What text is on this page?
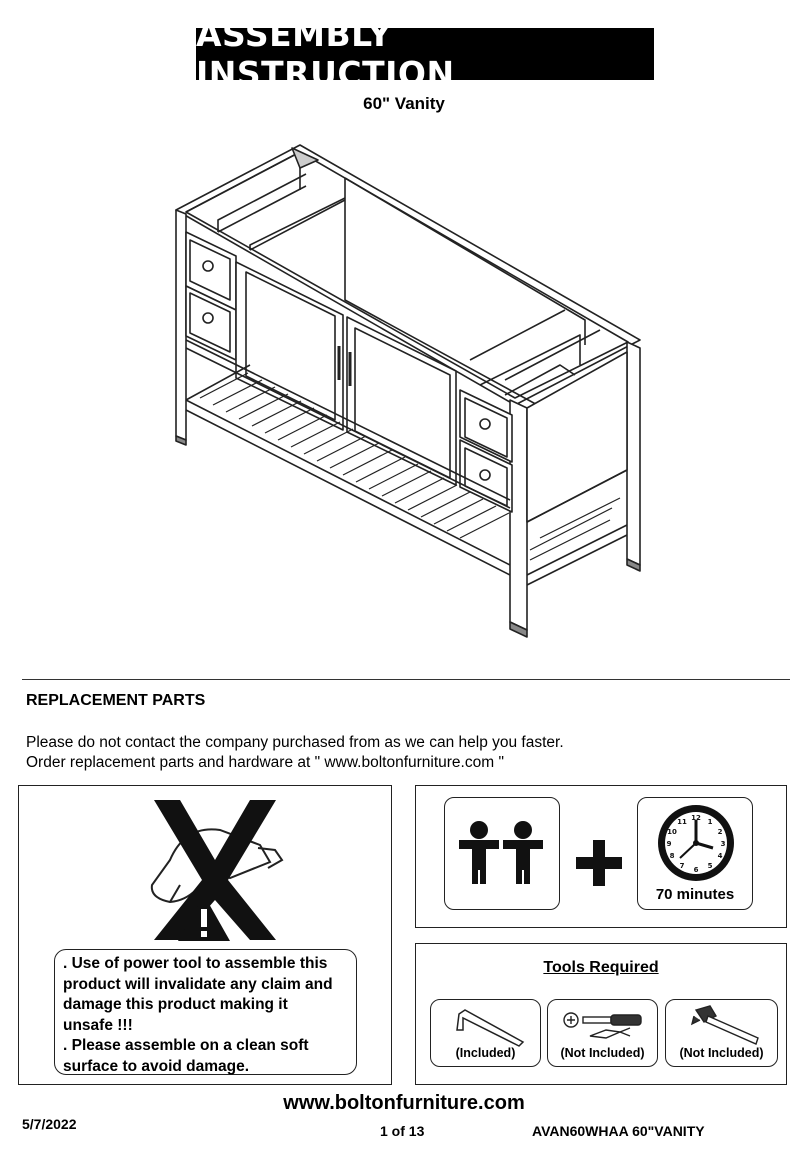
ASSEMBLY INSTRUCTION
60" Vanity
REPLACEMENT PARTS
Please do not contact the company purchased from as we can help you faster.
Order replacement parts and hardware at " www.boltonfurniture.com "
. Use of power tool to assemble this
product will invalidate any claim and
damage this product making it
unsafe !!!
. Please assemble on a clean soft
surface to avoid damage.
12 1
2
3
4
5
6
7
8
9
10
11
70 minutes
Tools Required
(Included)	(Not Included)	(Not Included)
www.boltonfurniture.com
5/7/2022	1 of 13	AVAN60WHAA 60"VANITY
